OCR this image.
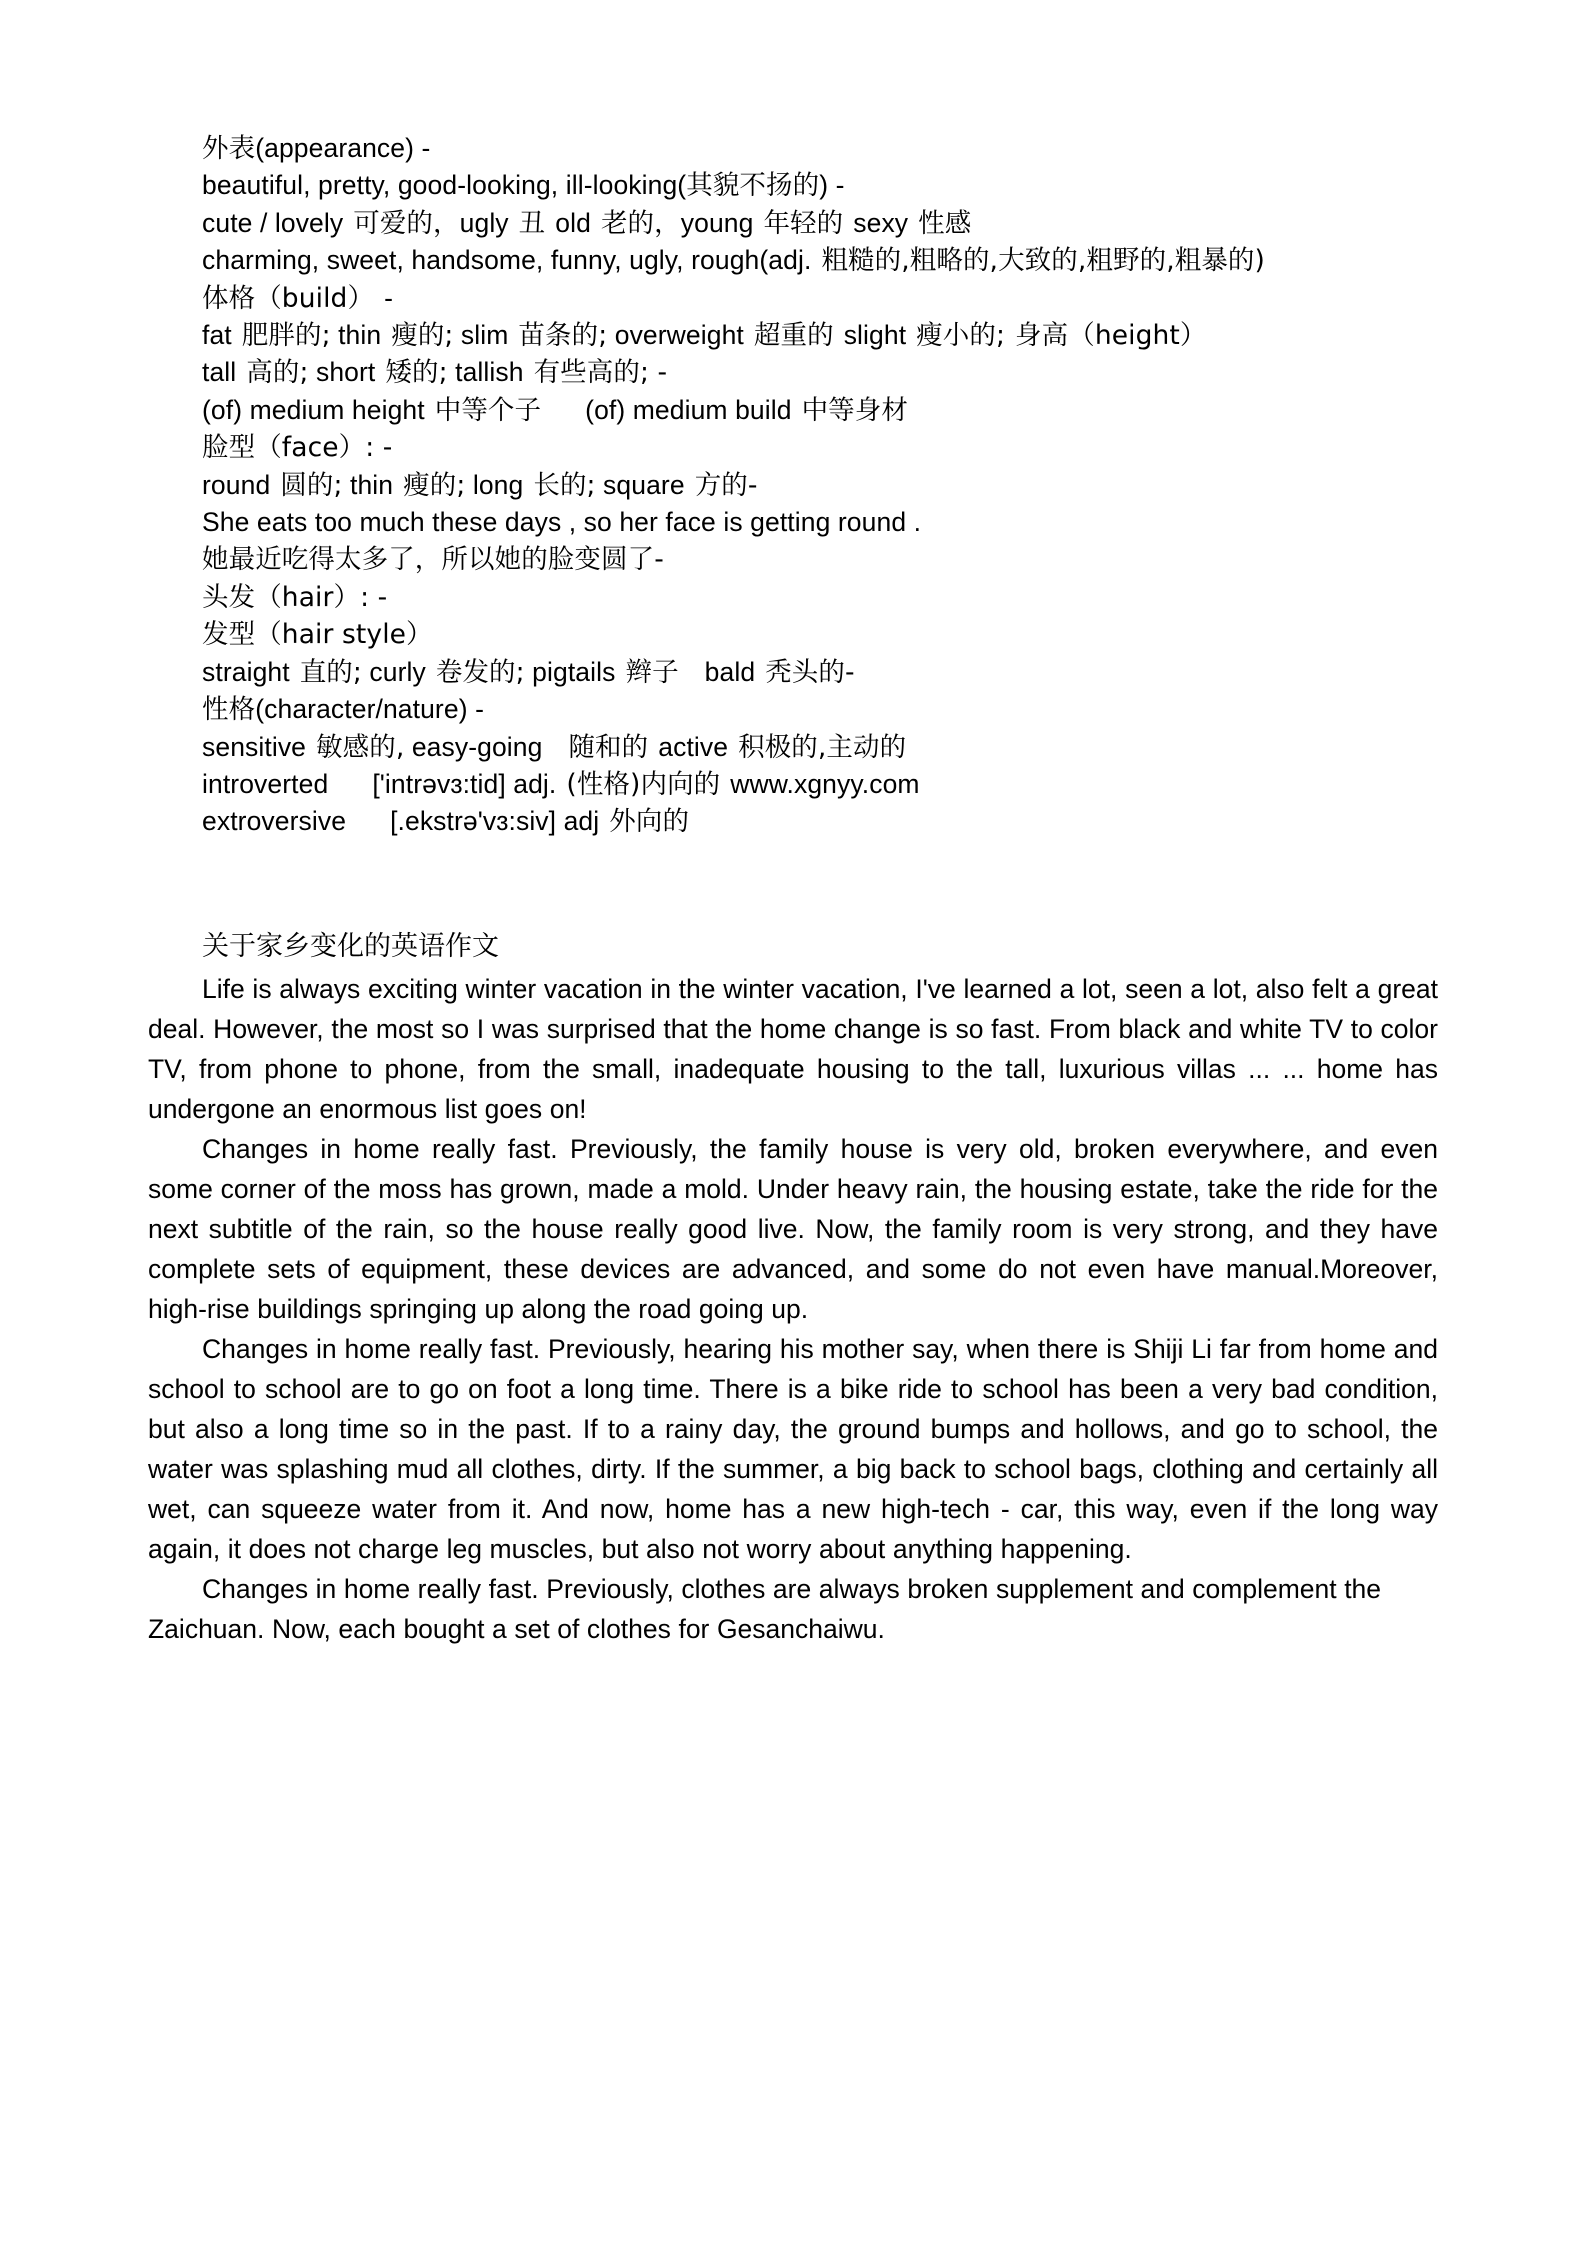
外表(appearance) -
beautiful, pretty, good-looking, ill-looking(其貌不扬的) -
cute / lovely 可爱的，ugly 丑 old 老的，young 年轻的 sexy 性感
charming, sweet, handsome, funny, ugly, rough(adj. 粗糙的,粗略的,大致的,粗野的,粗暴的)
体格（build） -
fat 肥胖的; thin 瘦的; slim 苗条的; overweight 超重的 slight 瘦小的; 身高（height）
tall 高的; short 矮的; tallish 有些高的; -
(of) medium height 中等个子 (of) medium build 中等身材
脸型（face）: -
round 圆的; thin 瘦的; long 长的; square 方的-
She eats too much these days , so her face is getting round .
她最近吃得太多了，所以她的脸变圆了-
头发（hair）: -
发型（hair style）
straight 直的; curly 卷发的; pigtails 辫子 bald 秃头的-
性格(character/nature) -
sensitive 敏感的, easy-going 随和的 active 积极的,主动的
introverted ['intrəvɜ:tid] adj. (性格)内向的 www.xgnyy.com
extroversive [.ekstrə'vɜ:siv] adj 外向的
关于家乡变化的英语作文

Life is always exciting winter vacation in the winter vacation, I've learned a lot, seen a lot, also felt a great deal. However, the most so I was surprised that the home change is so fast. From black and white TV to color TV, from phone to phone, from the small, inadequate housing to the tall, luxurious villas ... ... home has undergone an enormous list goes on!

Changes in home really fast. Previously, the family house is very old, broken everywhere, and even some corner of the moss has grown, made a mold. Under heavy rain, the housing estate, take the ride for the next subtitle of the rain, so the house really good live. Now, the family room is very strong, and they have complete sets of equipment, these devices are advanced, and some do not even have manual.Moreover, high-rise buildings springing up along the road going up.

Changes in home really fast. Previously, hearing his mother say, when there is Shiji Li far from home and school to school are to go on foot a long time. There is a bike ride to school has been a very bad condition, but also a long time so in the past. If to a rainy day, the ground bumps and hollows, and go to school, the water was splashing mud all clothes, dirty. If the summer, a big back to school bags, clothing and certainly all wet, can squeeze water from it. And now, home has a new high-tech - car, this way, even if the long way again, it does not charge leg muscles, but also not worry about anything happening.

Changes in home really fast. Previously, clothes are always broken supplement and complement the Zaichuan. Now, each bought a set of clothes for Gesanchaiwu.
